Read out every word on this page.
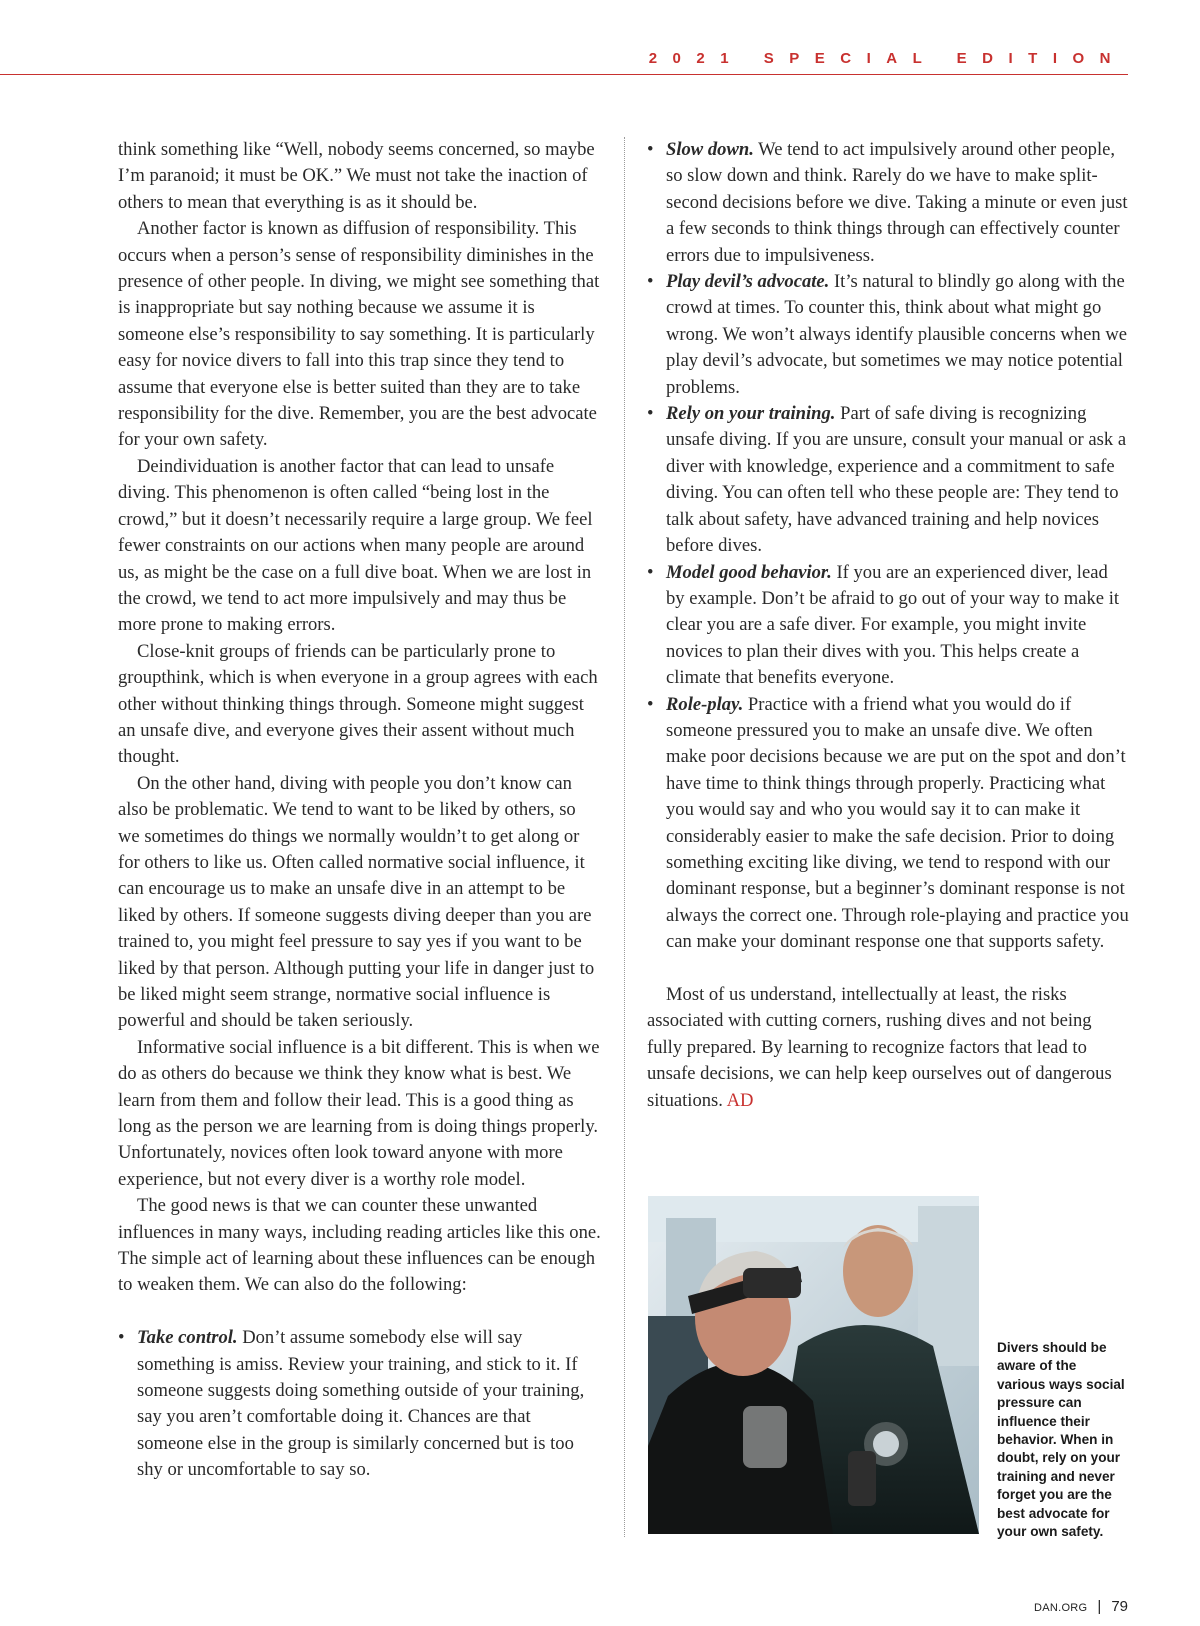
2021 SPECIAL EDITION

think something like “Well, nobody seems concerned, so maybe I’m paranoid; it must be OK.” We must not take the inaction of others to mean that everything is as it should be.

Another factor is known as diffusion of responsibility. This occurs when a person’s sense of responsibility diminishes in the presence of other people. In diving, we might see something that is inappropriate but say nothing because we assume it is someone else’s responsibility to say something. It is particularly easy for novice divers to fall into this trap since they tend to assume that everyone else is better suited than they are to take responsibility for the dive. Remember, you are the best advocate for your own safety.

Deindividuation is another factor that can lead to unsafe diving. This phenomenon is often called “being lost in the crowd,” but it doesn’t necessarily require a large group. We feel fewer constraints on our actions when many people are around us, as might be the case on a full dive boat. When we are lost in the crowd, we tend to act more impulsively and may thus be more prone to making errors.

Close-knit groups of friends can be particularly prone to groupthink, which is when everyone in a group agrees with each other without thinking things through. Someone might suggest an unsafe dive, and everyone gives their assent without much thought.

On the other hand, diving with people you don’t know can also be problematic. We tend to want to be liked by others, so we sometimes do things we normally wouldn’t to get along or for others to like us. Often called normative social influence, it can encourage us to make an unsafe dive in an attempt to be liked by others. If someone suggests diving deeper than you are trained to, you might feel pressure to say yes if you want to be liked by that person. Although putting your life in danger just to be liked might seem strange, normative social influence is powerful and should be taken seriously.

Informative social influence is a bit different. This is when we do as others do because we think they know what is best. We learn from them and follow their lead. This is a good thing as long as the person we are learning from is doing things properly. Unfortunately, novices often look toward anyone with more experience, but not every diver is a worthy role model.

The good news is that we can counter these unwanted influences in many ways, including reading articles like this one. The simple act of learning about these influences can be enough to weaken them. We can also do the following:

• Take control. Don’t assume somebody else will say something is amiss. Review your training, and stick to it. If someone suggests doing something outside of your training, say you aren’t comfortable doing it. Chances are that someone else in the group is similarly concerned but is too shy or uncomfortable to say so.

• Slow down. We tend to act impulsively around other people, so slow down and think. Rarely do we have to make split-second decisions before we dive. Taking a minute or even just a few seconds to think things through can effectively counter errors due to impulsiveness.

• Play devil’s advocate. It’s natural to blindly go along with the crowd at times. To counter this, think about what might go wrong. We won’t always identify plausible concerns when we play devil’s advocate, but sometimes we may notice potential problems.

• Rely on your training. Part of safe diving is recognizing unsafe diving. If you are unsure, consult your manual or ask a diver with knowledge, experience and a commitment to safe diving. You can often tell who these people are: They tend to talk about safety, have advanced training and help novices before dives.

• Model good behavior. If you are an experienced diver, lead by example. Don’t be afraid to go out of your way to make it clear you are a safe diver. For example, you might invite novices to plan their dives with you. This helps create a climate that benefits everyone.

• Role-play. Practice with a friend what you would do if someone pressured you to make an unsafe dive. We often make poor decisions because we are put on the spot and don’t have time to think things through properly. Practicing what you would say and who you would say it to can make it considerably easier to make the safe decision. Prior to doing something exciting like diving, we tend to respond with our dominant response, but a beginner’s dominant response is not always the correct one. Through role-playing and practice you can make your dominant response one that supports safety.

Most of us understand, intellectually at least, the risks associated with cutting corners, rushing dives and not being fully prepared. By learning to recognize factors that lead to unsafe decisions, we can help keep ourselves out of dangerous situations. AD

Divers should be aware of the various ways social pressure can influence their behavior. When in doubt, rely on your training and never forget you are the best advocate for your own safety.
DAN.ORG | 79
